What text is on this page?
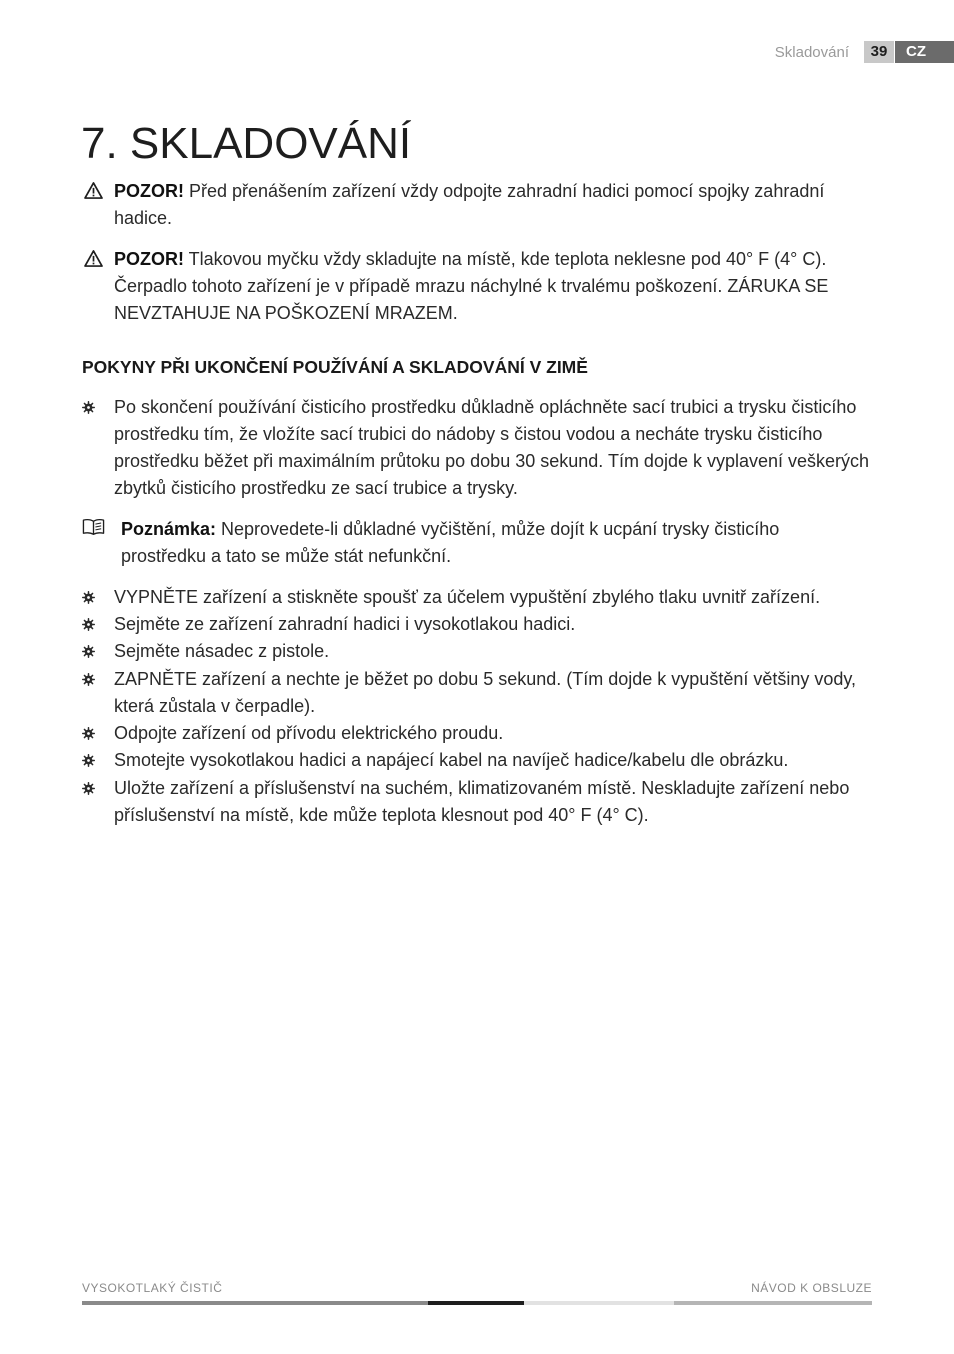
Skladování	39	CZ
7. SKLADOVÁNÍ

POZOR! Před přenášením zařízení vždy odpojte zahradní hadici pomocí spojky zahradní hadice.

POZOR! Tlakovou myčku vždy skladujte na místě, kde teplota neklesne pod 40° F (4° C). Čerpadlo tohoto zařízení je v případě mrazu náchylné k trvalému poškození. ZÁRUKA SE NEVZTAHUJE NA POŠKOZENÍ MRAZEM.

POKYNY PŘI UKONČENÍ POUŽÍVÁNÍ A SKLADOVÁNÍ V ZIMĚ

Po skončení používání čisticího prostředku důkladně opláchněte sací trubici a trysku čisticího prostředku tím, že vložíte sací trubici do nádoby s čistou vodou a necháte trysku čisticího prostředku běžet při maximálním průtoku po dobu 30 sekund. Tím dojde k vyplavení veškerých zbytků čisticího prostředku ze sací trubice a trysky.

Poznámka: Neprovedete-li důkladné vyčištění, může dojít k ucpání trysky čisticího prostředku a tato se může stát nefunkční.

VYPNĚTE zařízení a stiskněte spoušť za účelem vypuštění zbylého tlaku uvnitř zařízení.

Sejměte ze zařízení zahradní hadici i vysokotlakou hadici.

Sejměte násadec z pistole.

ZAPNĚTE zařízení a nechte je běžet po dobu 5 sekund. (Tím dojde k vypuštění většiny vody, která zůstala v čerpadle).

Odpojte zařízení od přívodu elektrického proudu.

Smotejte vysokotlakou hadici a napájecí kabel na navíječ hadice/kabelu dle obrázku.

Uložte zařízení a příslušenství na suchém, klimatizovaném místě. Neskladujte zařízení nebo příslušenství na místě, kde může teplota klesnout pod 40° F (4° C).

VYSOKOTLAKÝ ČISTIČ	NÁVOD K OBSLUZE
